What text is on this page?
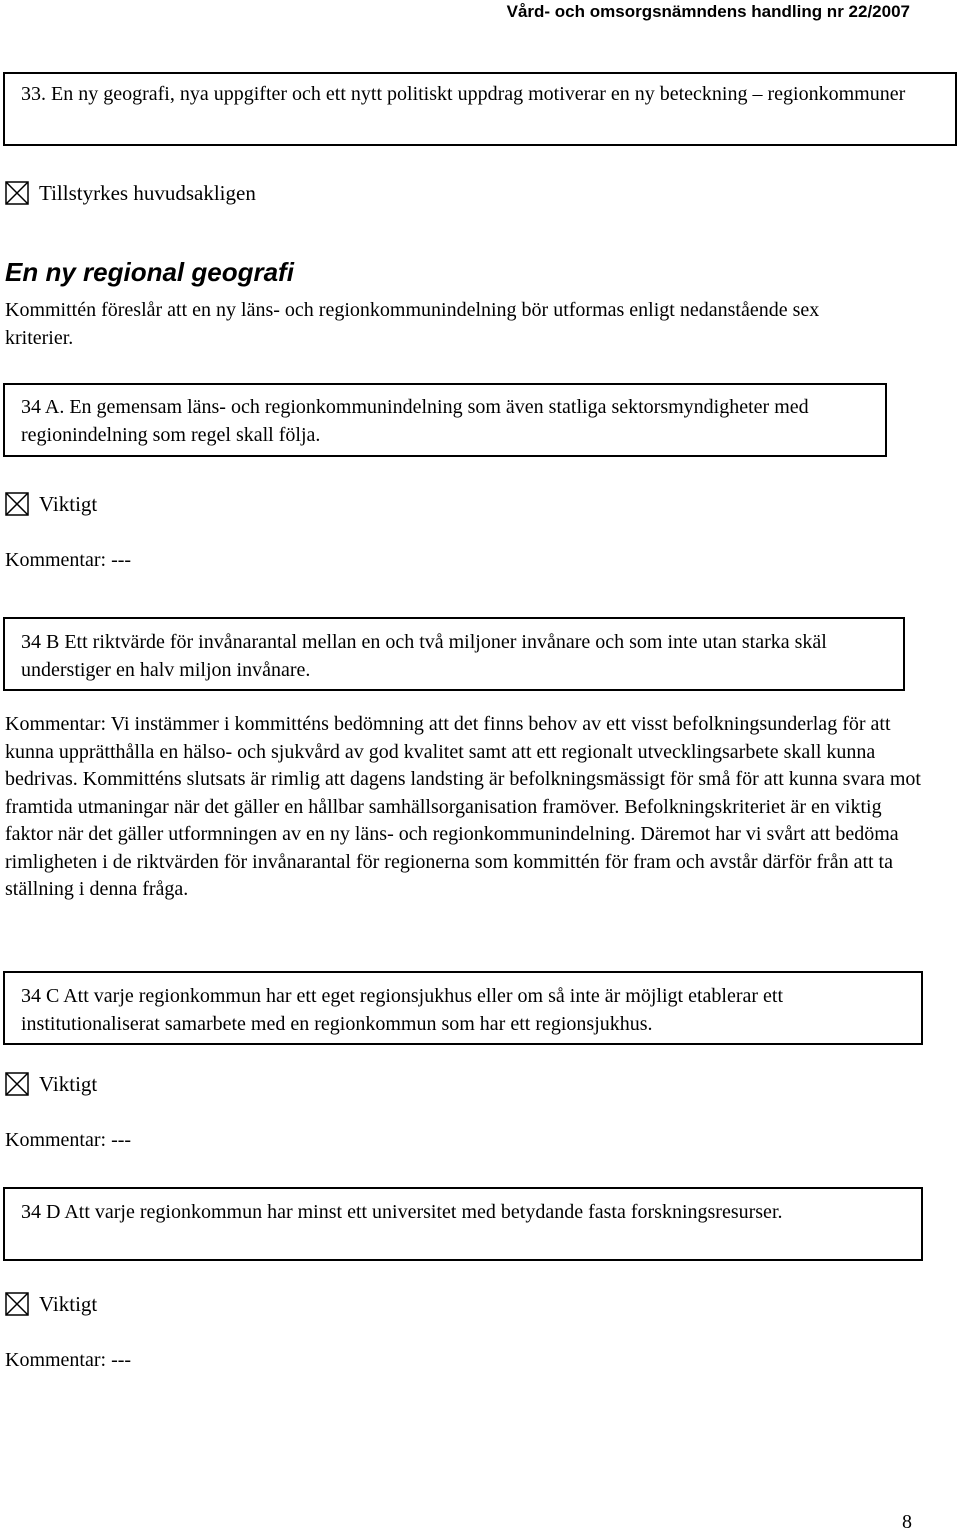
Vård- och omsorgsnämndens handling nr 22/2007
33. En ny geografi, nya uppgifter och ett nytt politiskt uppdrag motiverar en ny beteckning – regionkommuner
Tillstyrkes huvudsakligen
En ny regional geografi
Kommittén föreslår att en ny läns- och regionkommunindelning bör utformas enligt nedanstående sex kriterier.
34 A. En gemensam läns- och regionkommunindelning som även statliga sektorsmyndigheter med regionindelning som regel skall följa.
Viktigt
Kommentar: ---
34 B Ett riktvärde för invånarantal mellan en och två miljoner invånare och som inte utan starka skäl understiger en halv miljon invånare.
Kommentar: Vi instämmer i kommitténs bedömning att det finns behov av ett visst befolkningsunderlag för att kunna upprätthålla en hälso- och sjukvård av god kvalitet samt att ett regionalt utvecklingsarbete skall kunna bedrivas. Kommitténs slutsats är rimlig att dagens landsting är befolkningsmässigt för små för att kunna svara mot framtida utmaningar när det gäller en hållbar samhällsorganisation framöver. Befolkningskriteriet är en viktig faktor när det gäller utformningen av en ny läns- och regionkommunindelning. Däremot har vi svårt att bedöma rimligheten i de riktvärden för invånarantal för regionerna som kommittén för fram och avstår därför från att ta ställning i denna fråga.
34 C Att varje regionkommun har ett eget regionsjukhus eller om så inte är möjligt etablerar ett institutionaliserat samarbete med en regionkommun som har ett regionsjukhus.
Viktigt
Kommentar: ---
34 D Att varje regionkommun har minst ett universitet med betydande fasta forskningsresurser.
Viktigt
Kommentar: ---
8
